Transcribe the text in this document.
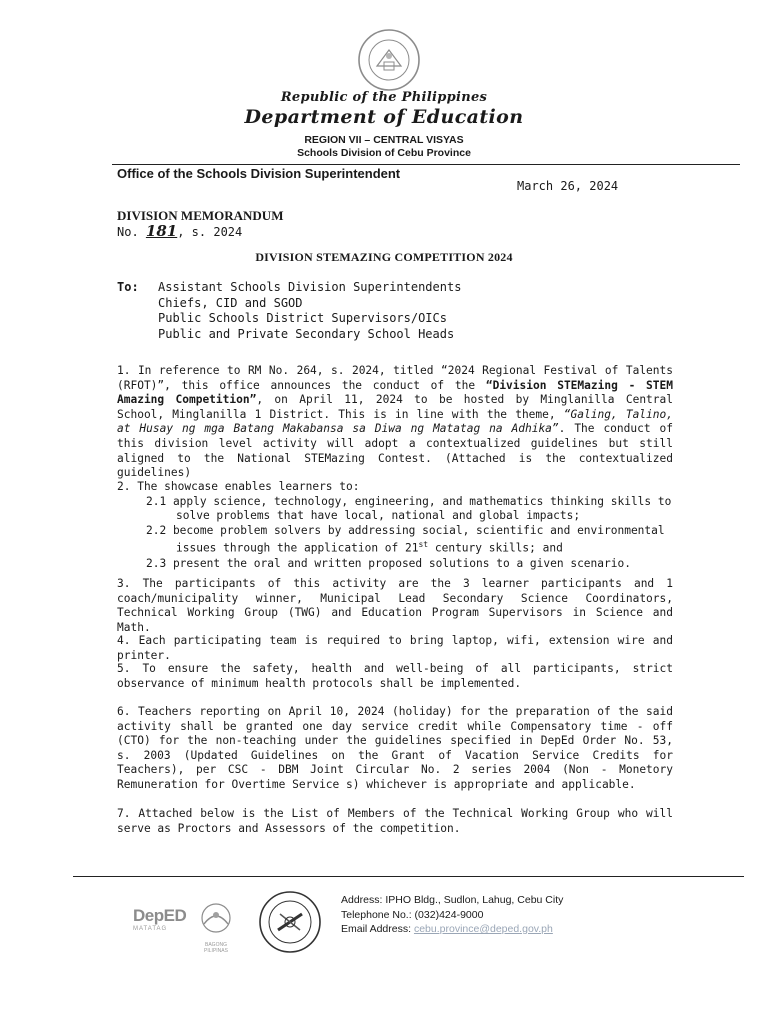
Republic of the Philippines
Department of Education
REGION VII – CENTRAL VISYAS
Schools Division of Cebu Province
Office of the Schools Division Superintendent
March 26, 2024
DIVISION MEMORANDUM
No. 181, s. 2024
DIVISION STEMAZING COMPETITION 2024
To: Assistant Schools Division Superintendents
Chiefs, CID and SGOD
Public Schools District Supervisors/OICs
Public and Private Secondary School Heads
1. In reference to RM No. 264, s. 2024, titled “2024 Regional Festival of Talents (RFOT)”, this office announces the conduct of the “Division STEMazing - STEM Amazing Competition”, on April 11, 2024 to be hosted by Minglanilla Central School, Minglanilla 1 District. This is in line with the theme, “Galing, Talino, at Husay ng mga Batang Makabansa sa Diwa ng Matatag na Adhika”. The conduct of this division level activity will adopt a contextualized guidelines but still aligned to the National STEMazing Contest. (Attached is the contextualized guidelines)
2. The showcase enables learners to:
2.1 apply science, technology, engineering, and mathematics thinking skills to
solve problems that have local, national and global impacts;
2.2 become problem solvers by addressing social, scientific and environmental
issues through the application of 21st century skills; and
2.3 present the oral and written proposed solutions to a given scenario.
3. The participants of this activity are the 3 learner participants and 1 coach/municipality winner, Municipal Lead Secondary Science Coordinators, Technical Working Group (TWG) and Education Program Supervisors in Science and Math.
4. Each participating team is required to bring laptop, wifi, extension wire and printer.
5. To ensure the safety, health and well-being of all participants, strict observance of minimum health protocols shall be implemented.
6. Teachers reporting on April 10, 2024 (holiday) for the preparation of the said activity shall be granted one day service credit while Compensatory time - off (CTO) for the non-teaching under the guidelines specified in DepEd Order No. 53, s. 2003 (Updated Guidelines on the Grant of Vacation Service Credits for Teachers), per CSC - DBM Joint Circular No. 2 series 2004 (Non - Monetory Remuneration for Overtime Service s) whichever is appropriate and applicable.
7. Attached below is the List of Members of the Technical Working Group who will serve as Proctors and Assessors of the competition.
DepED
MATATAG
BAGONG PILIPINAS
Address: IPHO Bldg., Sudlon, Lahug, Cebu City
Telephone No.: (032)424-9000
Email Address: cebu.province@deped.gov.ph
